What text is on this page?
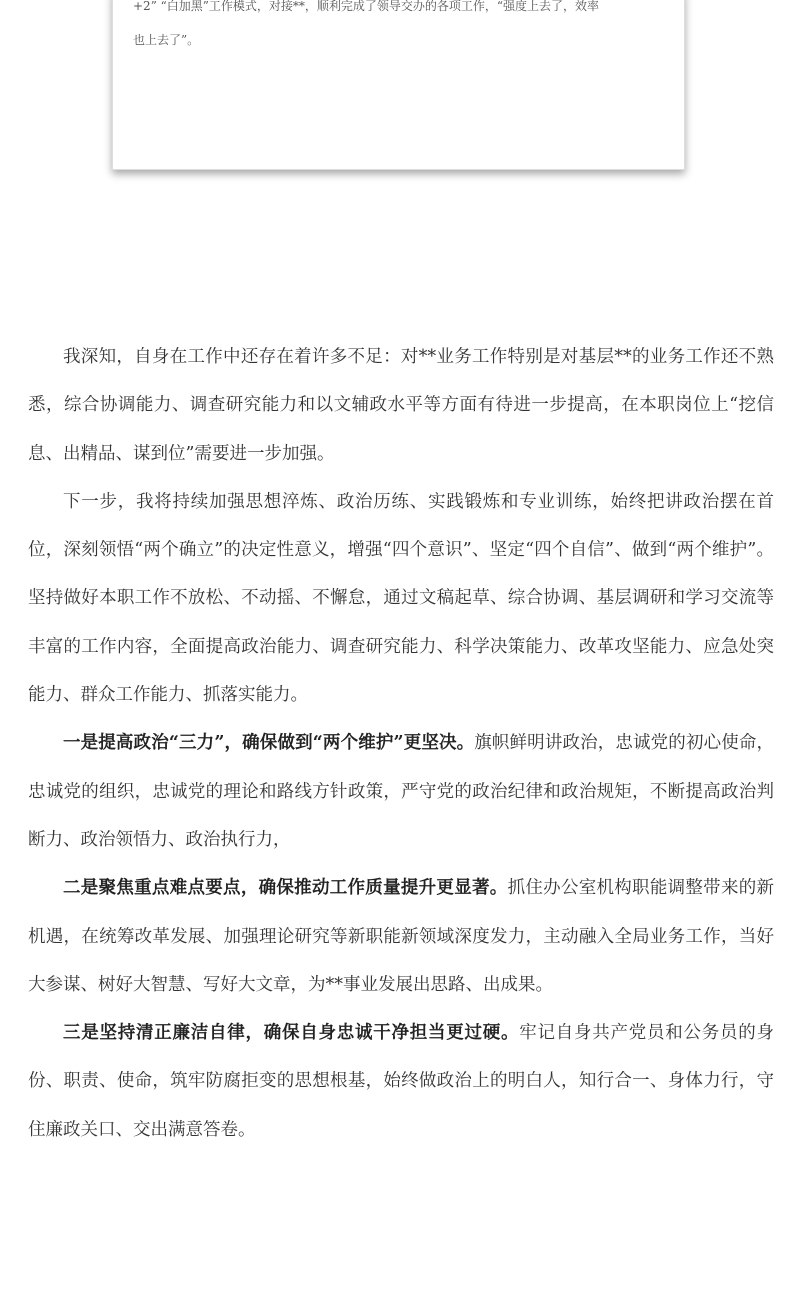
+2” “白加黑”工作模式，对接**，顺利完成了领导交办的各项工作，“强度上去了，效率

也上去了”。

我深知，自身在工作中还存在着许多不足：对**业务工作特别是对基层**的业务工作还不熟悉，综合协调能力、调查研究能力和以文辅政水平等方面有待进一步提高，在本职岗位上“挖信息、出精品、谋到位”需要进一步加强。

下一步，我将持续加强思想淬炼、政治历练、实践锻炼和专业训练，始终把讲政治摆在首位，深刻领悟“两个确立”的决定性意义，增强“四个意识”、坚定“四个自信”、做到“两个维护”。坚持做好本职工作不放松、不动摇、不懈怠，通过文稿起草、综合协调、基层调研和学习交流等丰富的工作内容，全面提高政治能力、调查研究能力、科学决策能力、改革攻坚能力、应急处突能力、群众工作能力、抓落实能力。

一是提高政治“三力”，确保做到“两个维护”更坚决。旗帜鲜明讲政治，忠诚党的初心使命，忠诚党的组织，忠诚党的理论和路线方针政策，严守党的政治纪律和政治规矩，不断提高政治判断力、政治领悟力、政治执行力，

二是聚焦重点难点要点，确保推动工作质量提升更显著。抓住办公室机构职能调整带来的新机遇，在统筹改革发展、加强理论研究等新职能新领域深度发力，主动融入全局业务工作，当好大参谋、树好大智慧、写好大文章，为**事业发展出思路、出成果。

三是坚持清正廉洁自律，确保自身忠诚干净担当更过硬。牢记自身共产党员和公务员的身份、职责、使命，筑牢防腐拒变的思想根基，始终做政治上的明白人，知行合一、身体力行，守住廉政关口、交出满意答卷。
